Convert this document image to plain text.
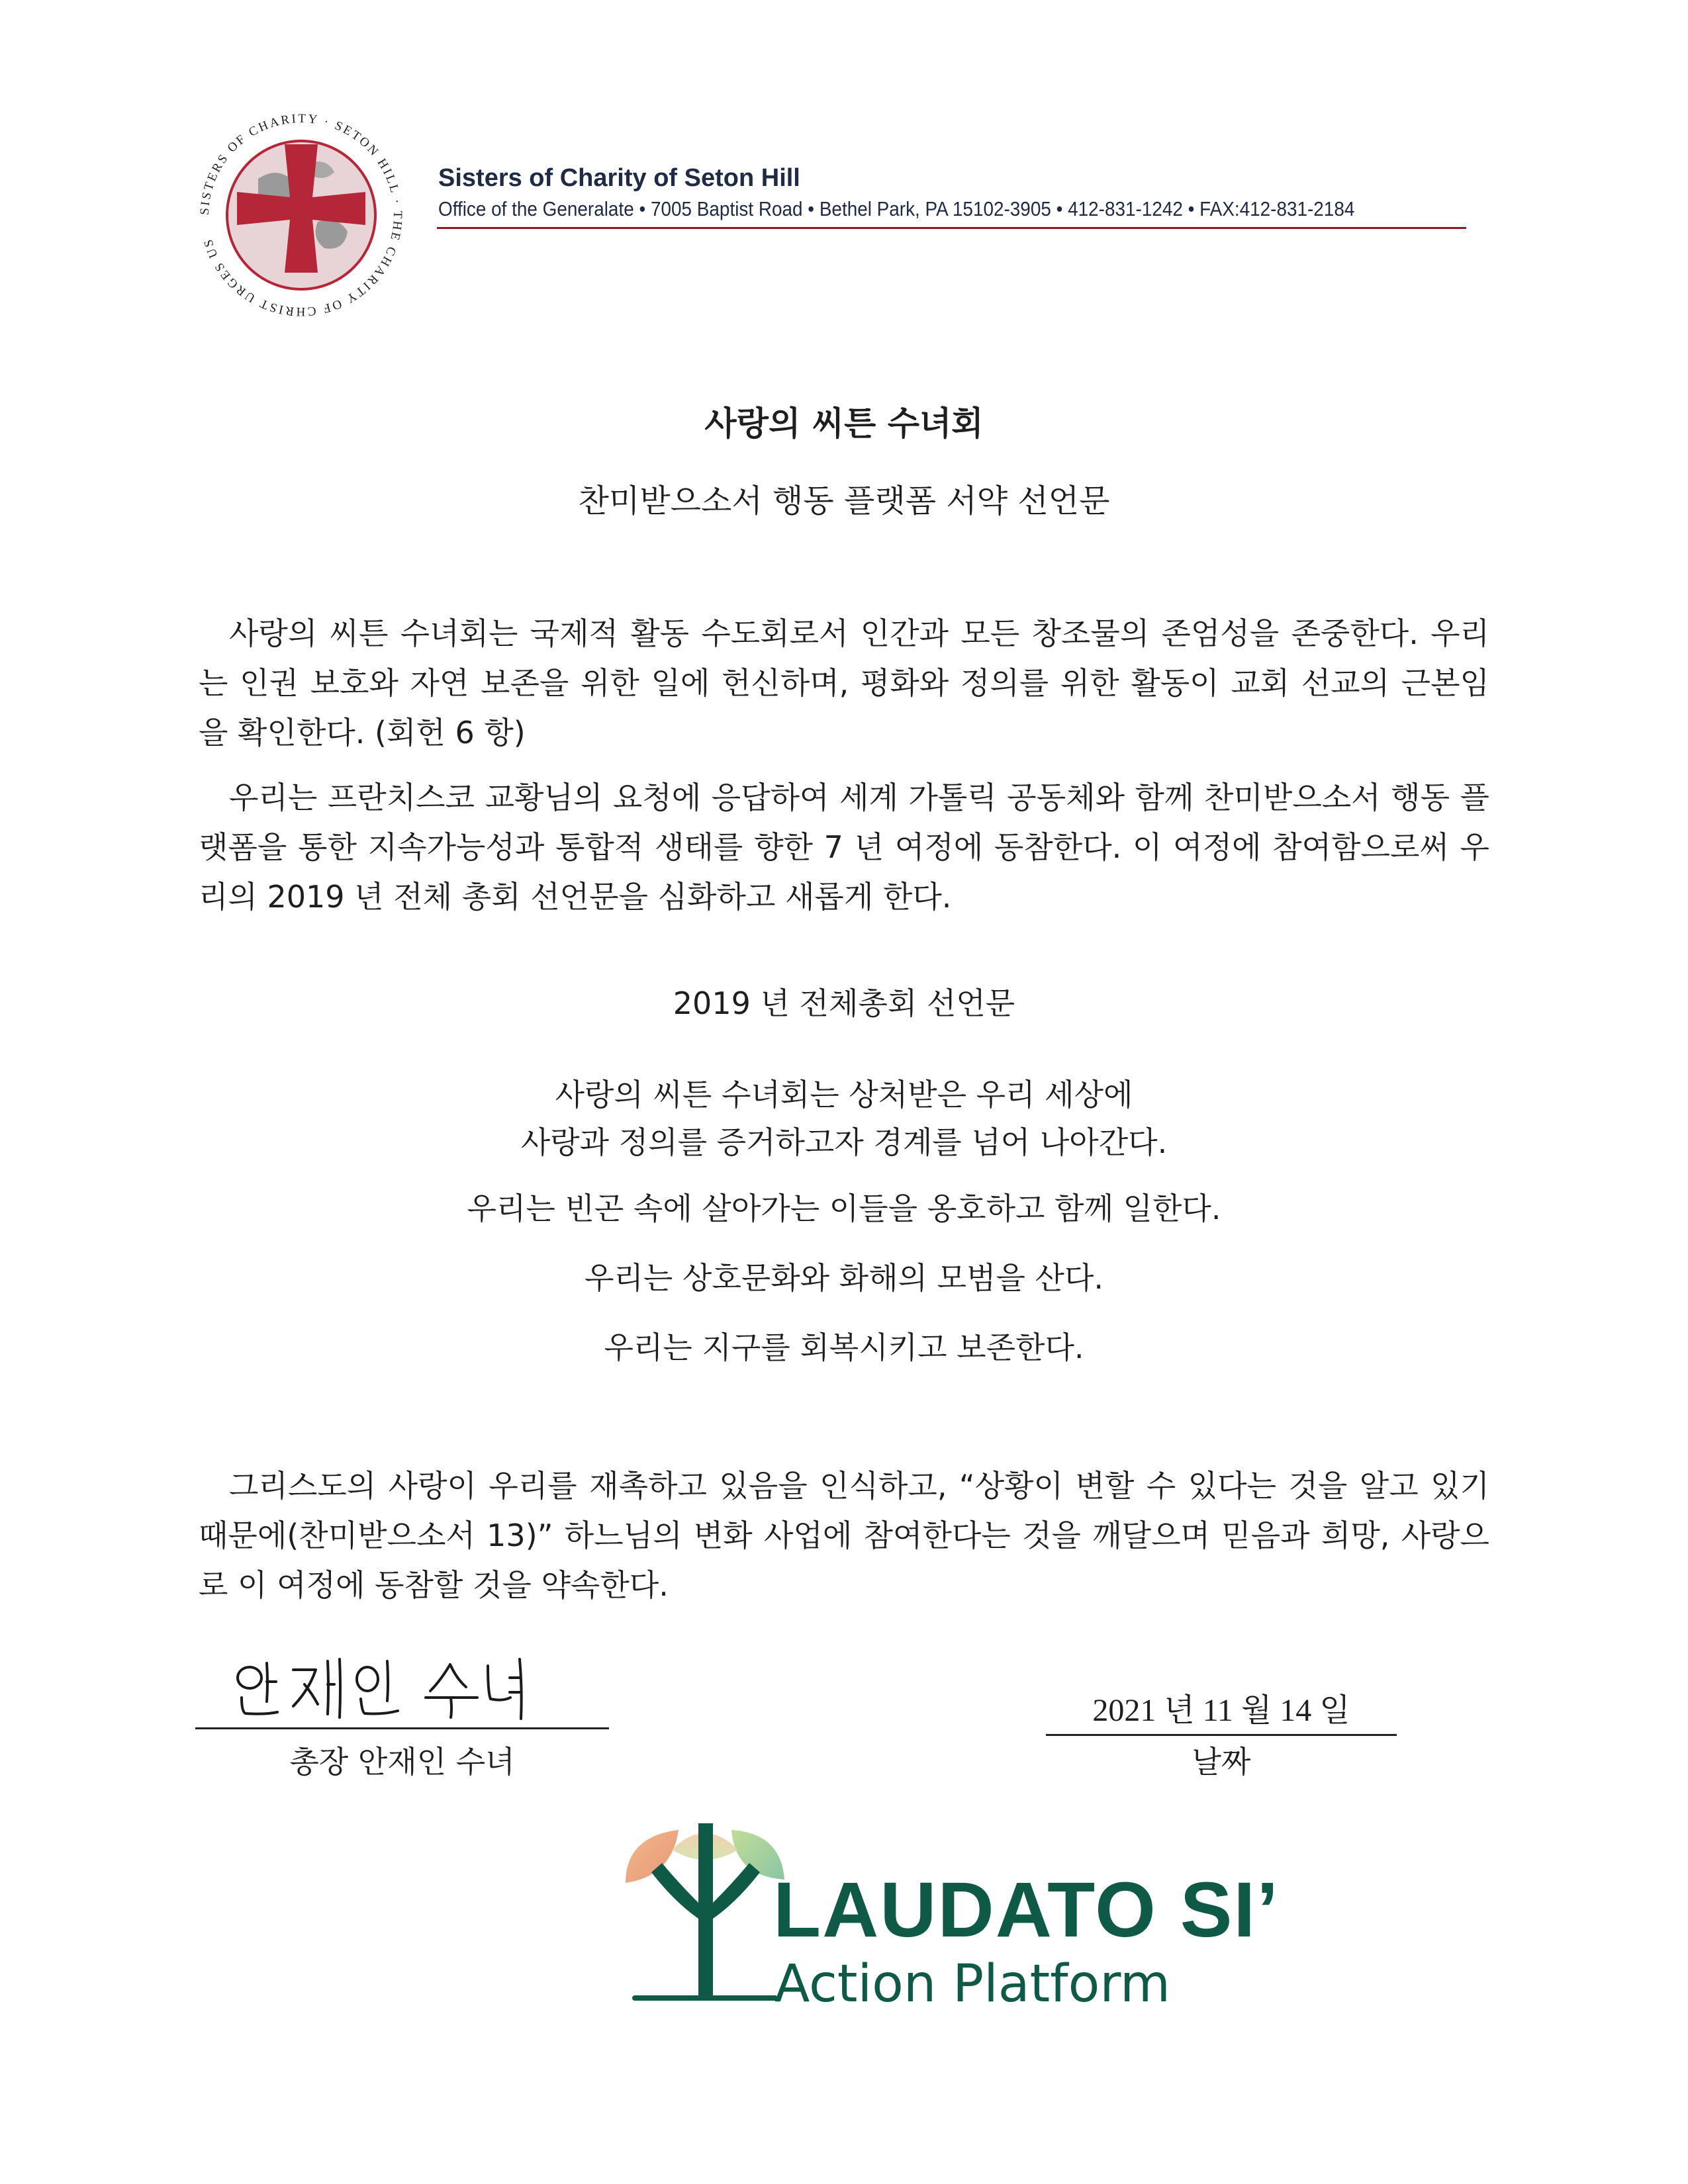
SISTERS OF CHARITY · SETON HILL · THE CHARITY OF CHRIST URGES US
Sisters of Charity of Seton Hill
Office of the Generalate • 7005 Baptist Road • Bethel Park, PA 15102-3905 • 412-831-1242 • FAX:412-831-2184
사랑의 씨튼 수녀회
찬미받으소서 행동 플랫폼 서약 선언문

사랑의 씨튼 수녀회는 국제적 활동 수도회로서 인간과 모든 창조물의 존엄성을 존중한다. 우리는 인권 보호와 자연 보존을 위한 일에 헌신하며, 평화와 정의를 위한 활동이 교회 선교의 근본임을 확인한다. (회헌 6 항)

우리는 프란치스코 교황님의 요청에 응답하여 세계 가톨릭 공동체와 함께 찬미받으소서 행동 플랫폼을 통한 지속가능성과 통합적 생태를 향한 7 년 여정에 동참한다. 이 여정에 참여함으로써 우리의 2019 년 전체 총회 선언문을 심화하고 새롭게 한다.

2019 년 전체총회 선언문
사랑의 씨튼 수녀회는 상처받은 우리 세상에
사랑과 정의를 증거하고자 경계를 넘어 나아간다.
우리는 빈곤 속에 살아가는 이들을 옹호하고 함께 일한다.
우리는 상호문화와 화해의 모범을 산다.
우리는 지구를 회복시키고 보존한다.

그리스도의 사랑이 우리를 재촉하고 있음을 인식하고, “상황이 변할 수 있다는 것을 알고 있기 때문에(찬미받으소서 13)” 하느님의 변화 사업에 참여한다는 것을 깨달으며 믿음과 희망, 사랑으로 이 여정에 동참할 것을 약속한다.

총장 안재인 수녀
2021 년 11 월 14 일
날짜
LAUDATO SI’
Action Platform
